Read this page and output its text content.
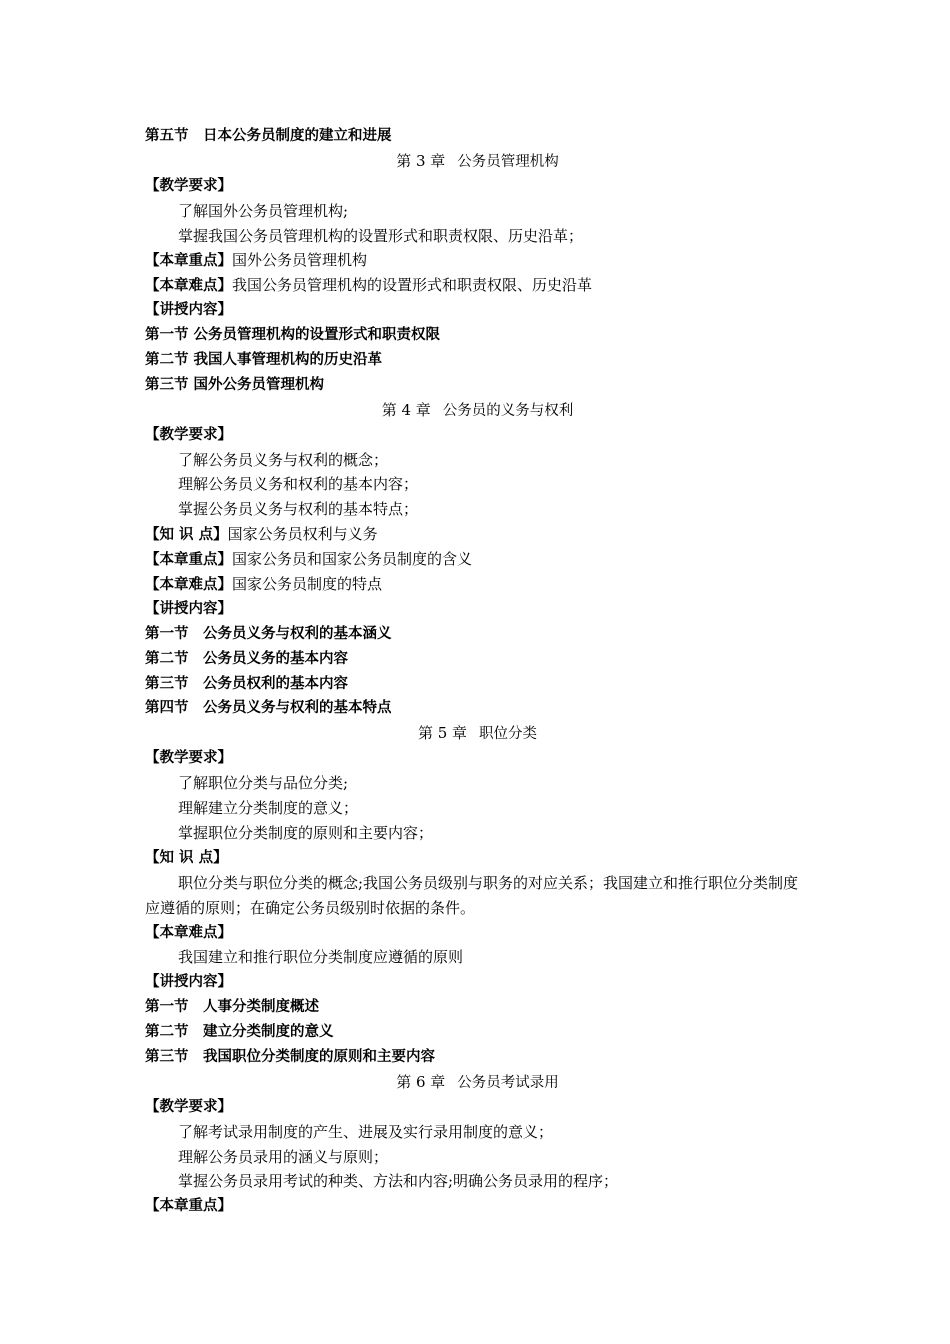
第五节　日本公务员制度的建立和进展
第 3 章 公务员管理机构
【教学要求】
了解国外公务员管理机构;
掌握我国公务员管理机构的设置形式和职责权限、历史沿革；
【本章重点】国外公务员管理机构
【本章难点】我国公务员管理机构的设置形式和职责权限、历史沿革
【讲授内容】
第一节 公务员管理机构的设置形式和职责权限
第二节 我国人事管理机构的历史沿革
第三节 国外公务员管理机构
第 4 章 公务员的义务与权利
【教学要求】
了解公务员义务与权利的概念；
理解公务员义务和权利的基本内容；
掌握公务员义务与权利的基本特点；
【知 识 点】国家公务员权利与义务
【本章重点】国家公务员和国家公务员制度的含义
【本章难点】国家公务员制度的特点
【讲授内容】
第一节　公务员义务与权利的基本涵义
第二节　公务员义务的基本内容
第三节　公务员权利的基本内容
第四节　公务员义务与权利的基本特点
第 5 章 职位分类
【教学要求】
了解职位分类与品位分类;
理解建立分类制度的意义；
掌握职位分类制度的原则和主要内容；
【知 识 点】
职位分类与职位分类的概念;我国公务员级别与职务的对应关系；我国建立和推行职位分类制度应遵循的原则；在确定公务员级别时依据的条件。
【本章难点】
我国建立和推行职位分类制度应遵循的原则
【讲授内容】
第一节　人事分类制度概述
第二节　建立分类制度的意义
第三节　我国职位分类制度的原则和主要内容
第 6 章 公务员考试录用
【教学要求】
了解考试录用制度的产生、进展及实行录用制度的意义；
理解公务员录用的涵义与原则；
掌握公务员录用考试的种类、方法和内容;明确公务员录用的程序；
【本章重点】
